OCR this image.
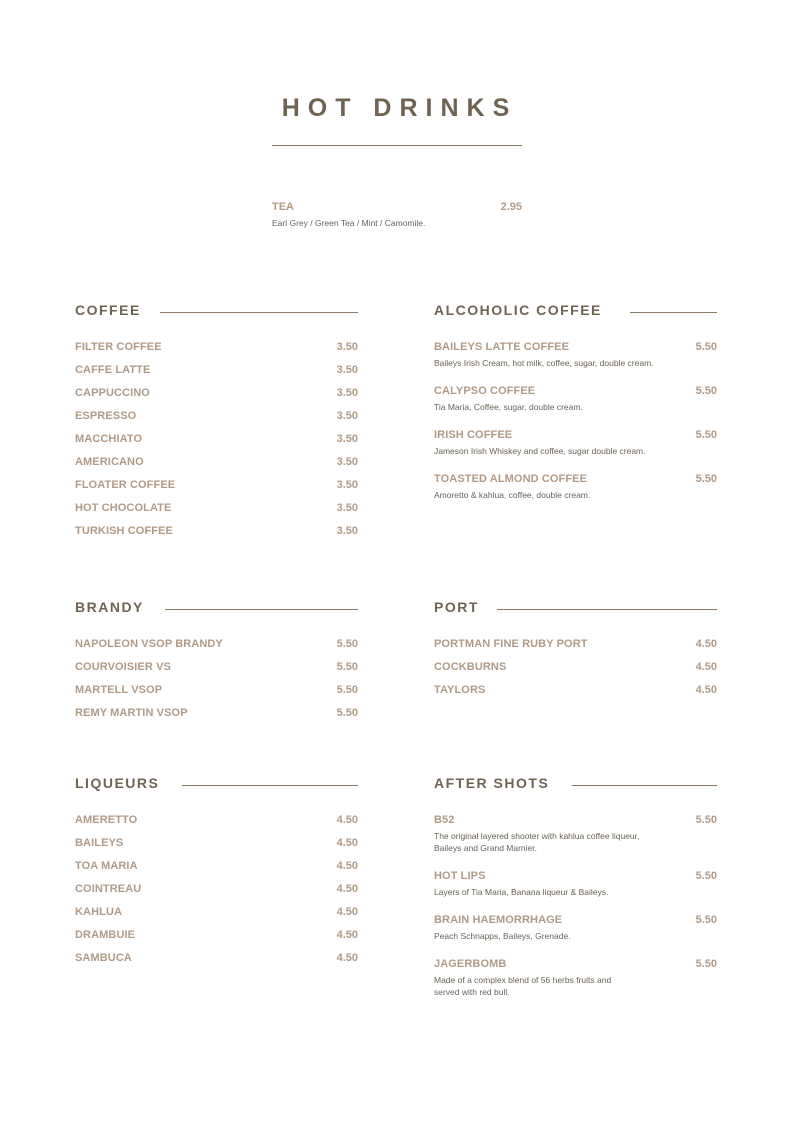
HOT DRINKS
TEA	2.95
Earl Grey / Green Tea / Mint / Camomile.
COFFEE
FILTER COFFEE	3.50
CAFFE LATTE	3.50
CAPPUCCINO	3.50
ESPRESSO	3.50
MACCHIATO	3.50
AMERICANO	3.50
FLOATER COFFEE	3.50
HOT CHOCOLATE	3.50
TURKISH COFFEE	3.50
ALCOHOLIC COFFEE
BAILEYS LATTE COFFEE	5.50
Baileys Irish Cream, hot milk, coffee, sugar, double cream.
CALYPSO COFFEE	5.50
Tia Maria, Coffee, sugar, double cream.
IRISH COFFEE	5.50
Jameson Irish Whiskey and coffee, sugar double cream.
TOASTED ALMOND COFFEE	5.50
Amoretto & kahlua, coffee, double cream.
BRANDY
NAPOLEON VSOP BRANDY	5.50
COURVOISIER VS	5.50
MARTELL VSOP	5.50
REMY MARTIN VSOP	5.50
PORT
PORTMAN FINE RUBY PORT	4.50
COCKBURNS	4.50
TAYLORS	4.50
LIQUEURS
AMERETTO	4.50
BAILEYS	4.50
TOA MARIA	4.50
COINTREAU	4.50
KAHLUA	4.50
DRAMBUIE	4.50
SAMBUCA	4.50
AFTER SHOTS
B52	5.50
The original layered shooter with kahlua coffee liqueur,
Baileys and Grand Marnier.
HOT LIPS	5.50
Layers of Tia Maria, Banana liqueur & Baileys.
BRAIN HAEMORRHAGE	5.50
Peach Schnapps, Baileys, Grenade.
JAGERBOMB	5.50
Made of a complex blend of 56 herbs fruits and
served with red bull.
